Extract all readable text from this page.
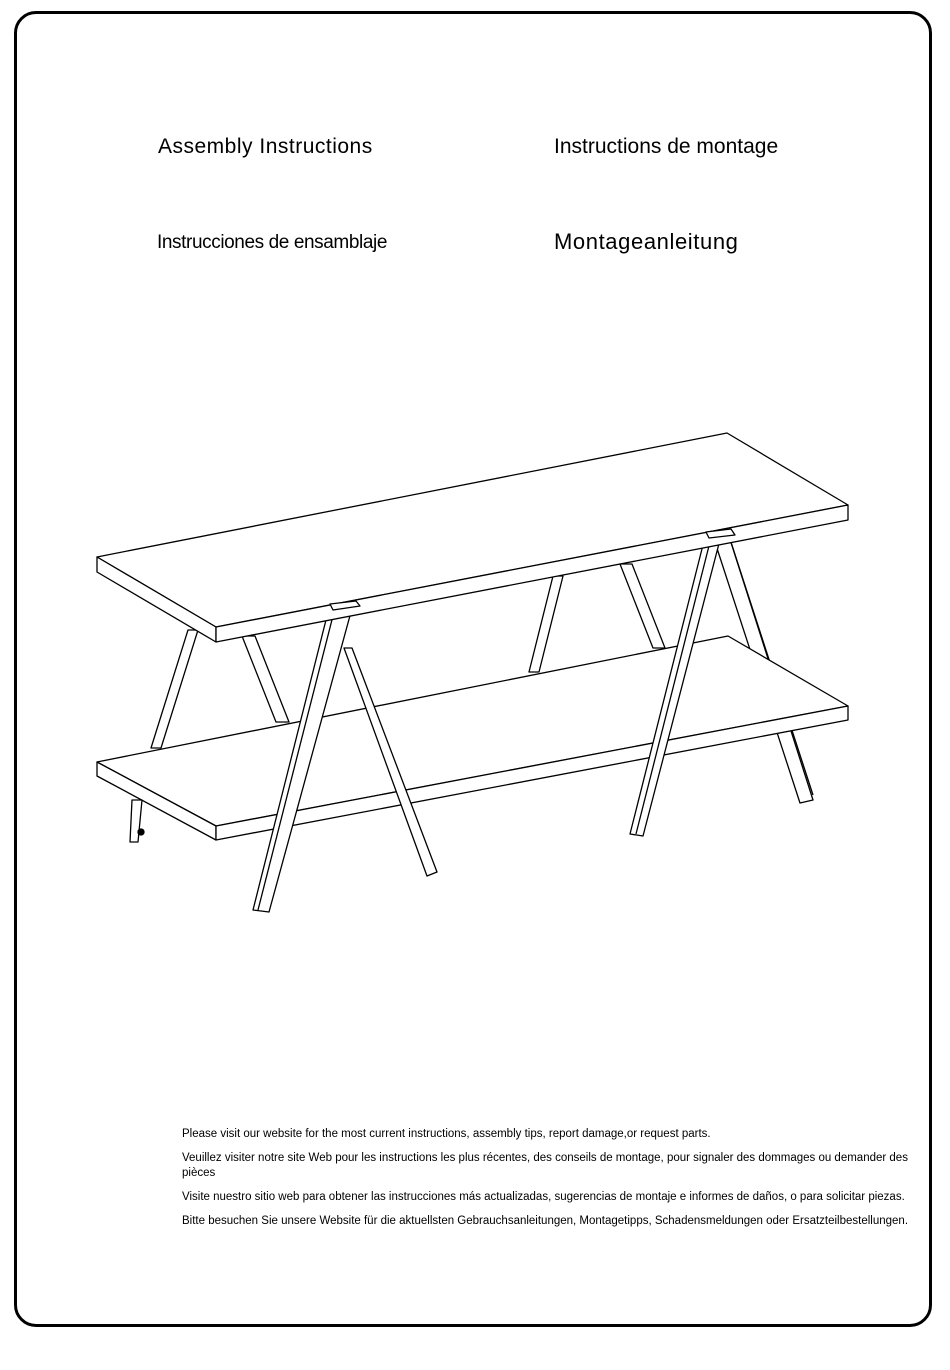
Assembly Instructions	Instructions de montage
Instrucciones de ensamblaje	Montageanleitung

Please visit our website for the most current instructions, assembly tips, report damage,or request parts.

Veuillez visiter notre site Web pour les instructions les plus récentes, des conseils de montage, pour signaler des dommages ou demander des pièces

Visite nuestro sitio web para obtener las instrucciones más actualizadas, sugerencias de montaje e informes de daños, o para solicitar piezas.

Bitte besuchen Sie unsere Website für die aktuellsten Gebrauchsanleitungen, Montagetipps, Schadensmeldungen oder Ersatzteilbestellungen.
